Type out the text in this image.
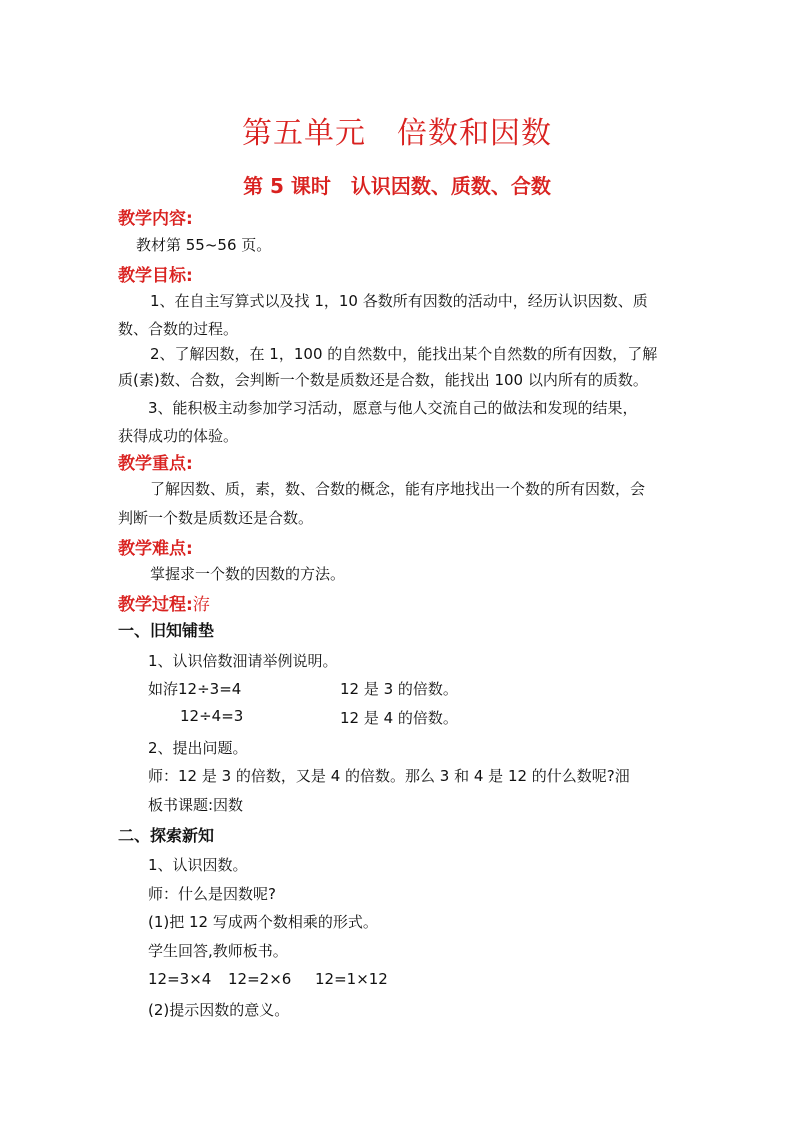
第五单元　倍数和因数
第 5 课时　认识因数、质数、合数
教学内容:
教材第 55~56 页。
教学目标:
1、在自主写算式以及找 1，10 各数所有因数的活动中，经历认识因数、质
数、合数的过程。
2、了解因数，在 1，100 的自然数中，能找出某个自然数的所有因数，了解
质(素)数、合数，会判断一个数是质数还是合数，能找出 100 以内所有的质数。
3、能积极主动参加学习活动，愿意与他人交流自己的做法和发现的结果，
获得成功的体验。
教学重点:
了解因数、质，素，数、合数的概念，能有序地找出一个数的所有因数，会
判断一个数是质数还是合数。
教学难点:
掌握求一个数的因数的方法。
教学过程:洊
一、旧知铺垫
1、认识倍数沺请举例说明。
如洊12÷3=4	12 是 3 的倍数。
12÷4=3	12 是 4 的倍数。
2、提出问题。
师：12 是 3 的倍数，又是 4 的倍数。那么 3 和 4 是 12 的什么数呢?沺
板书课题:因数
二、探索新知
1、认识因数。
师：什么是因数呢?
(1)把 12 写成两个数相乘的形式。
学生回答,教师板书。
12=3×4 12=2×6 12=1×12
(2)提示因数的意义。
